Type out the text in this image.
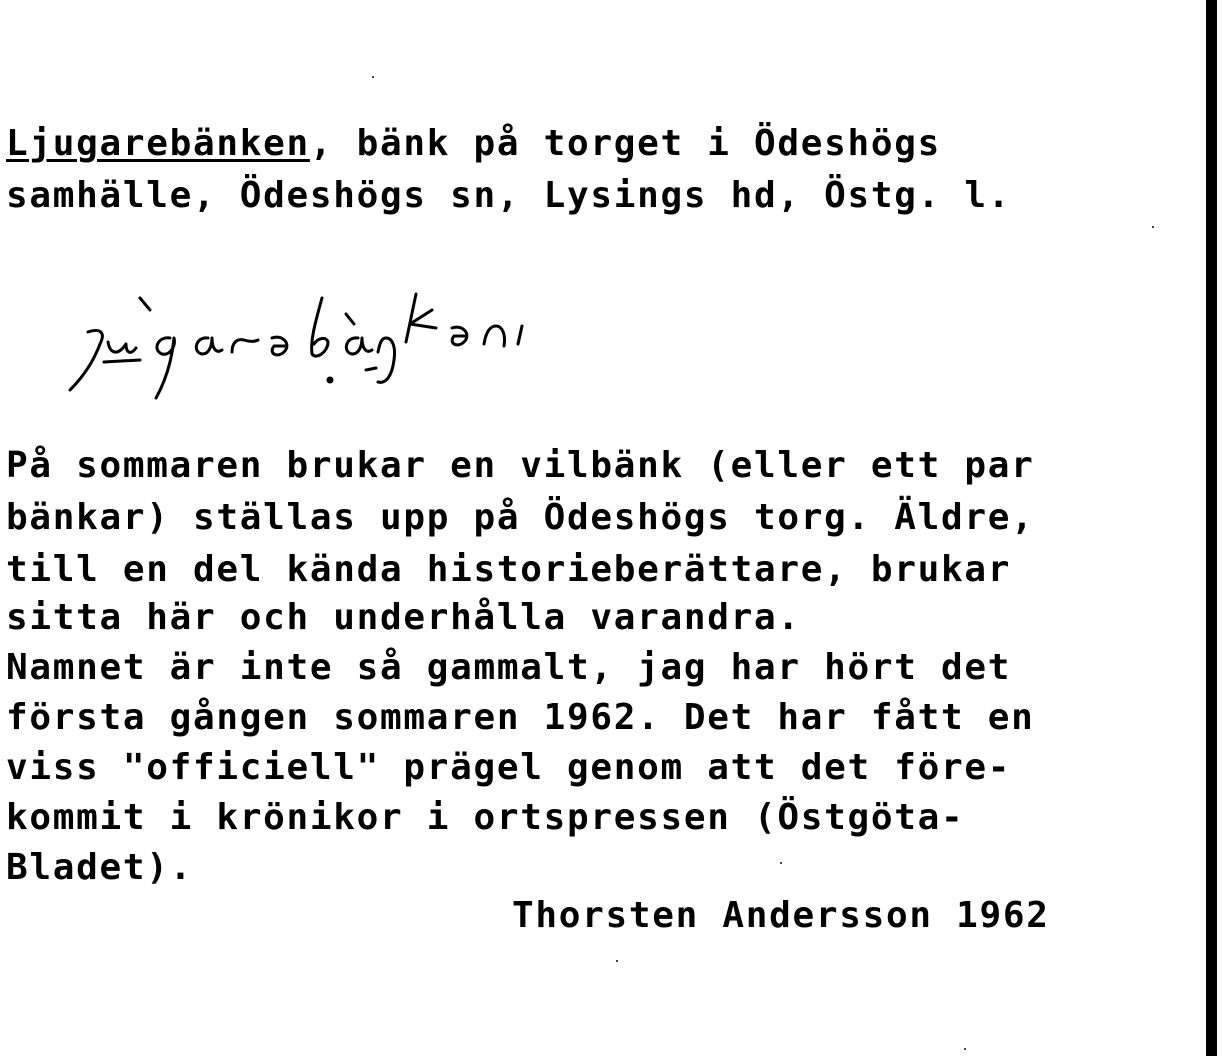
Ljugarebänken, bänk på torget i Ödeshögs
samhälle, Ödeshögs sn, Lysings hd, Östg. l.
På sommaren brukar en vilbänk (eller ett par
bänkar) ställas upp på Ödeshögs torg. Äldre,
till en del kända historieberättare, brukar
sitta här och underhålla varandra.
Namnet är inte så gammalt, jag har hört det
första gången sommaren 1962. Det har fått en
viss "officiell" prägel genom att det före-
kommit i krönikor i ortspressen (Östgöta-
Bladet).
Thorsten Andersson 1962
